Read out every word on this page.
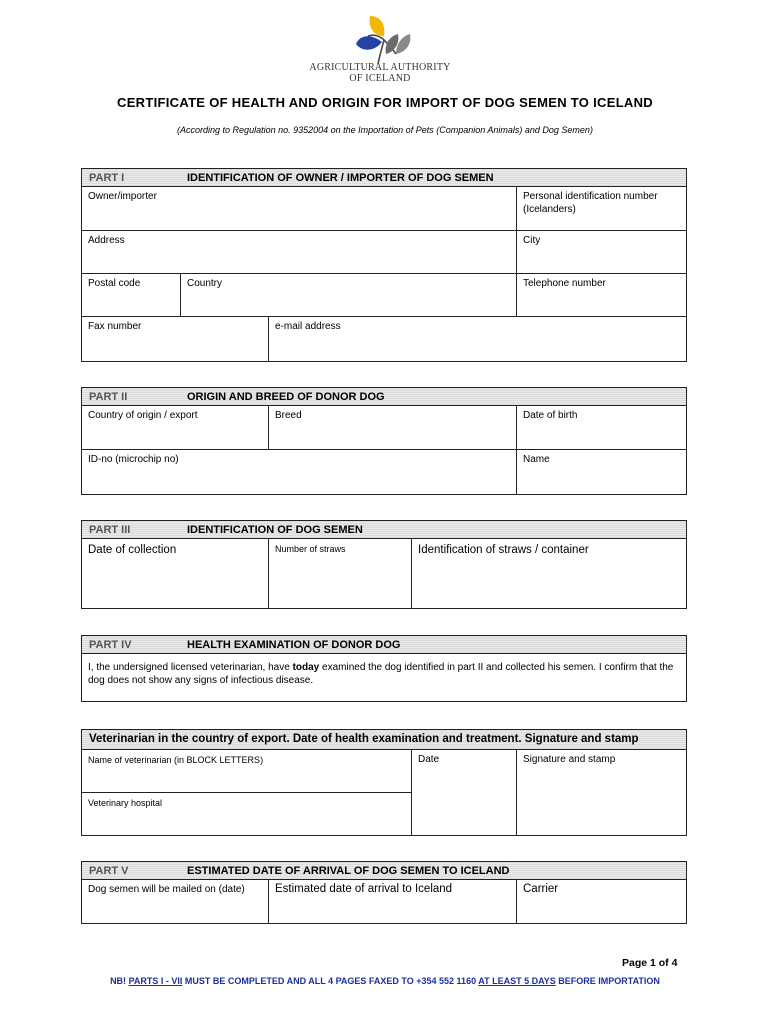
AGRICULTURAL AUTHORITY
OF ICELAND
CERTIFICATE OF HEALTH AND ORIGIN FOR IMPORT OF DOG SEMEN TO ICELAND
(According to Regulation no. 9352004 on the Importation of Pets (Companion Animals) and Dog Semen)
PART I	IDENTIFICATION OF OWNER / IMPORTER OF DOG SEMEN
Owner/importer	Personal identification number
(Icelanders)
Address	City
Postal code	Country	Telephone number
Fax number	e-mail address
PART II	ORIGIN AND BREED OF DONOR DOG
Country of origin / export	Breed	Date of birth
ID-no (microchip no)	Name
PART III	IDENTIFICATION OF DOG SEMEN
Date of collection	Number of straws	Identification of straws / container
PART IV	HEALTH EXAMINATION OF DONOR DOG
I, the undersigned licensed veterinarian, have today examined the dog identified in part II and collected his semen. I confirm that the dog does not show any signs of infectious disease.
Veterinarian in the country of export. Date of health examination and treatment. Signature and stamp
Name of veterinarian (in BLOCK LETTERS)
Veterinary hospital
Date	Signature and stamp
PART V	ESTIMATED DATE OF ARRIVAL OF DOG SEMEN TO ICELAND
Dog semen will be mailed on (date)	Estimated date of arrival to Iceland	Carrier
Page 1 of 4
NB! PARTS I - VII MUST BE COMPLETED AND ALL 4 PAGES FAXED TO +354 552 1160 AT LEAST 5 DAYS BEFORE IMPORTATION
